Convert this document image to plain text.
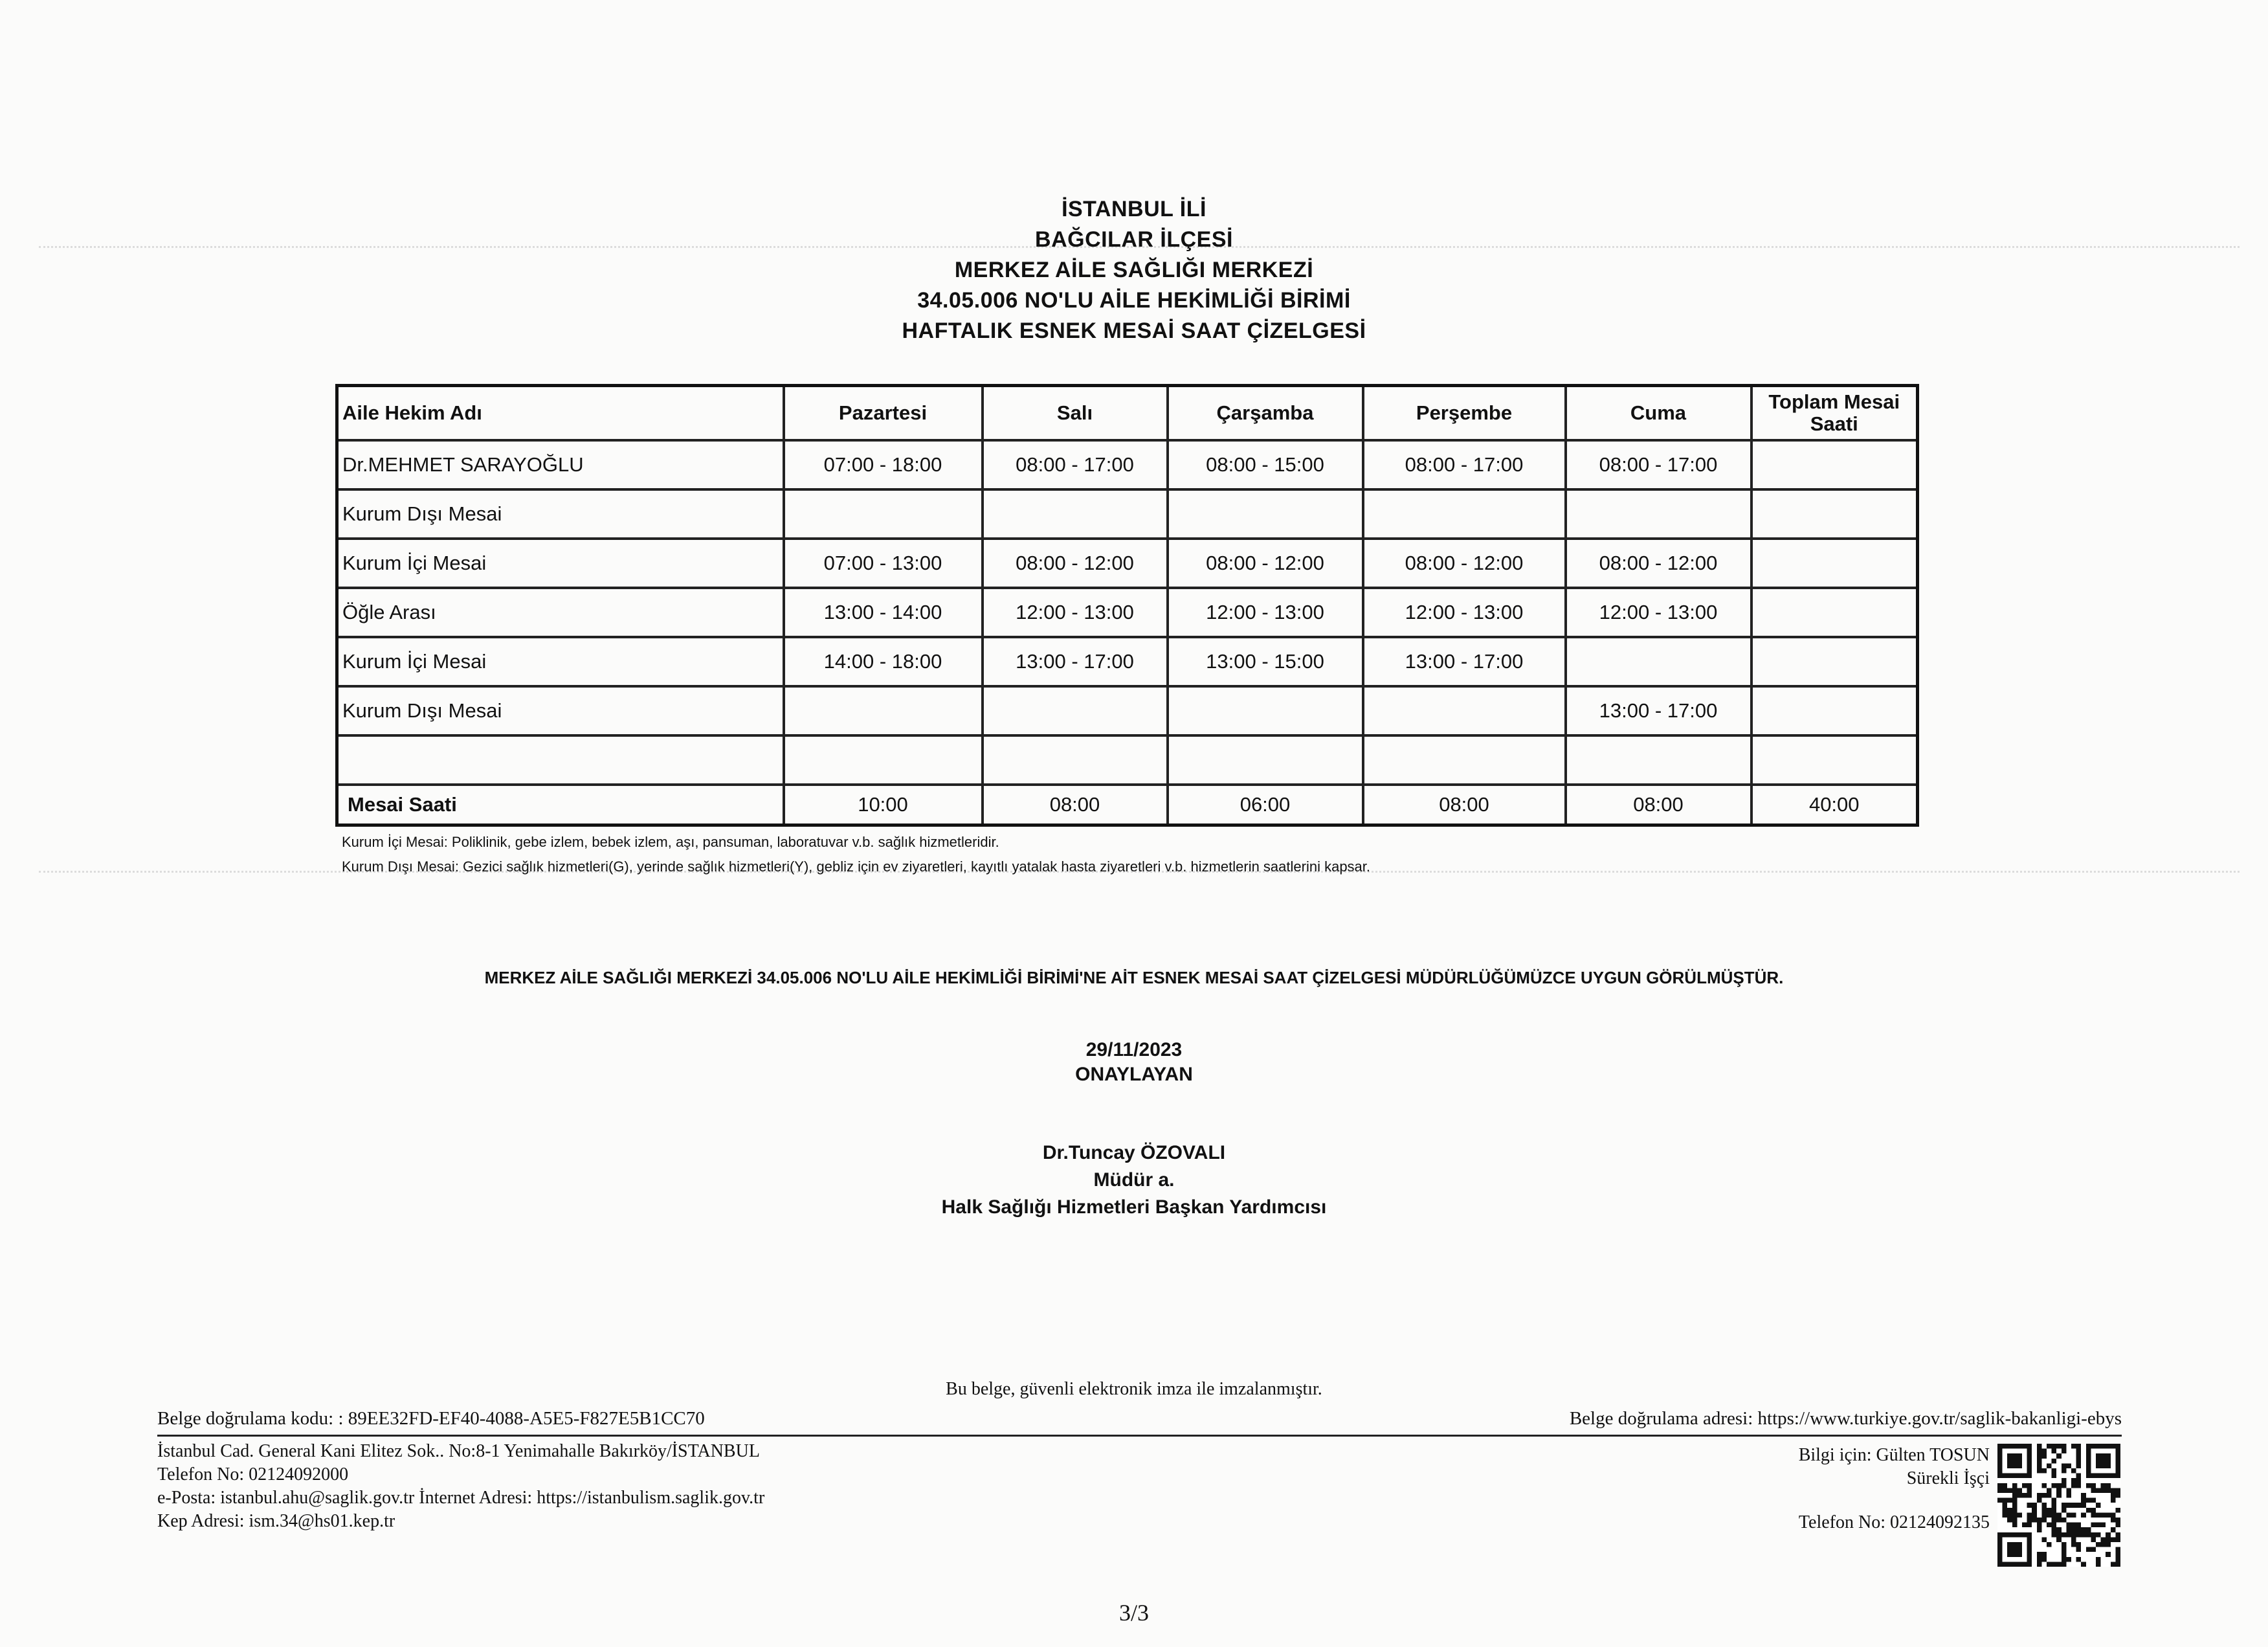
İSTANBUL İLİ
BAĞCILAR İLÇESİ
MERKEZ AİLE SAĞLIĞI MERKEZİ
34.05.006 NO'LU AİLE HEKİMLİĞİ BİRİMİ
HAFTALIK ESNEK MESAİ SAAT ÇİZELGESİ
Aile Hekim Adı	Pazartesi	Salı	Çarşamba	Perşembe	Cuma	Toplam Mesai Saati
Dr.MEHMET SARAYOĞLU	07:00 - 18:00	08:00 - 17:00	08:00 - 15:00	08:00 - 17:00	08:00 - 17:00	
Kurum Dışı Mesai						
Kurum İçi Mesai	07:00 - 13:00	08:00 - 12:00	08:00 - 12:00	08:00 - 12:00	08:00 - 12:00	
Öğle Arası	13:00 - 14:00	12:00 - 13:00	12:00 - 13:00	12:00 - 13:00	12:00 - 13:00	
Kurum İçi Mesai	14:00 - 18:00	13:00 - 17:00	13:00 - 15:00	13:00 - 17:00		
Kurum Dışı Mesai					13:00 - 17:00	

Mesai Saati	10:00	08:00	06:00	08:00	08:00	40:00
Kurum İçi Mesai: Poliklinik, gebe izlem, bebek izlem, aşı, pansuman, laboratuvar v.b. sağlık hizmetleridir.
Kurum Dışı Mesai: Gezici sağlık hizmetleri(G), yerinde sağlık hizmetleri(Y), gebliz için ev ziyaretleri, kayıtlı yatalak hasta ziyaretleri v.b. hizmetlerin saatlerini kapsar.
MERKEZ AİLE SAĞLIĞI MERKEZİ 34.05.006 NO'LU AİLE HEKİMLİĞİ BİRİMİ'NE AİT ESNEK MESAİ SAAT ÇİZELGESİ MÜDÜRLÜĞÜMÜZCE UYGUN GÖRÜLMÜŞTÜR.
29/11/2023
ONAYLAYAN
Dr.Tuncay ÖZOVALI
Müdür a.
Halk Sağlığı Hizmetleri Başkan Yardımcısı
Bu belge, güvenli elektronik imza ile imzalanmıştır.
Belge doğrulama kodu: : 89EE32FD-EF40-4088-A5E5-F827E5B1CC70	Belge doğrulama adresi: https://www.turkiye.gov.tr/saglik-bakanligi-ebys
İstanbul Cad. General Kani Elitez Sok.. No:8-1 Yenimahalle Bakırköy/İSTANBUL
Telefon No: 02124092000
e-Posta: istanbul.ahu@saglik.gov.tr İnternet Adresi: https://istanbulism.saglik.gov.tr
Kep Adresi: ism.34@hs01.kep.tr
Bilgi için: Gülten TOSUN
Sürekli İşçi
Telefon No: 02124092135
3/3
